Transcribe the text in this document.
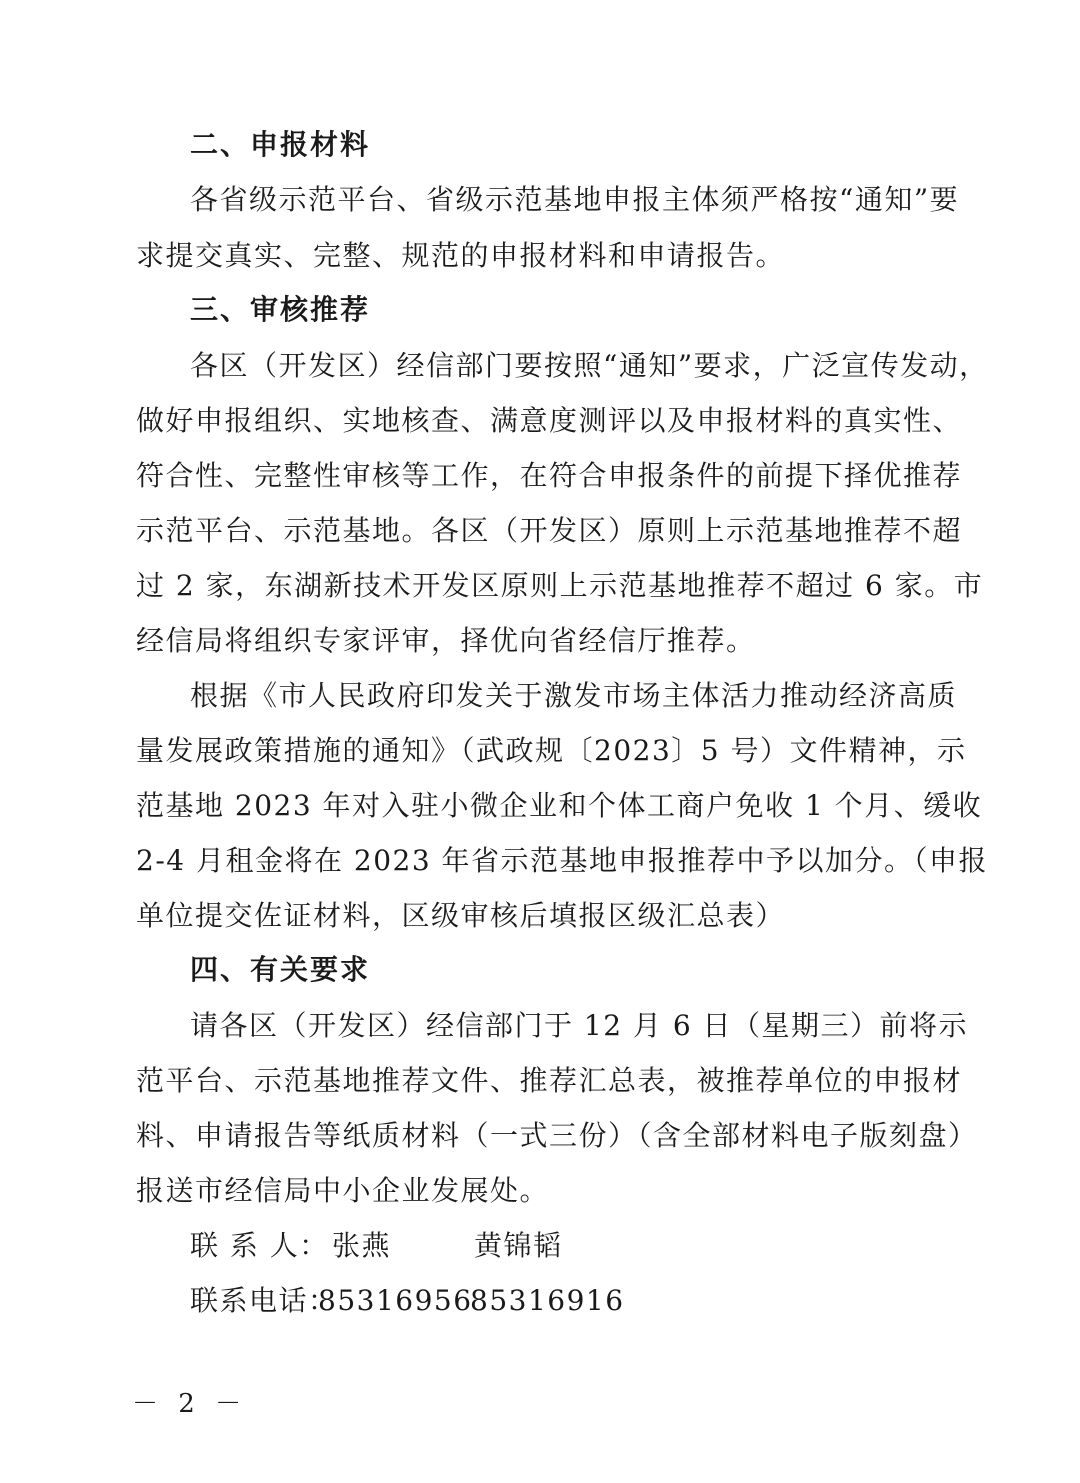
二、申报材料
各省级示范平台、省级示范基地申报主体须严格按“通知”要
求提交真实、完整、规范的申报材料和申请报告。
三、审核推荐
各区（开发区）经信部门要按照“通知”要求，广泛宣传发动，
做好申报组织、实地核查、满意度测评以及申报材料的真实性、
符合性、完整性审核等工作，在符合申报条件的前提下择优推荐
示范平台、示范基地。各区（开发区）原则上示范基地推荐不超
过 2 家，东湖新技术开发区原则上示范基地推荐不超过 6 家。市
经信局将组织专家评审，择优向省经信厅推荐。
根据《市人民政府印发关于激发市场主体活力推动经济高质
量发展政策措施的通知》（武政规〔2023〕5 号）文件精神，示
范基地 2023 年对入驻小微企业和个体工商户免收 1 个月、缓收
2-4 月租金将在 2023 年省示范基地申报推荐中予以加分。（申报
单位提交佐证材料，区级审核后填报区级汇总表）
四、有关要求
请各区（开发区）经信部门于 12 月 6 日（星期三）前将示
范平台、示范基地推荐文件、推荐汇总表，被推荐单位的申报材
料、申请报告等纸质材料（一式三份）（含全部材料电子版刻盘）
报送市经信局中小企业发展处。
联 系 人： 张燕	黄锦韬
联系电话：
85316956
85316916
－ 2 －
